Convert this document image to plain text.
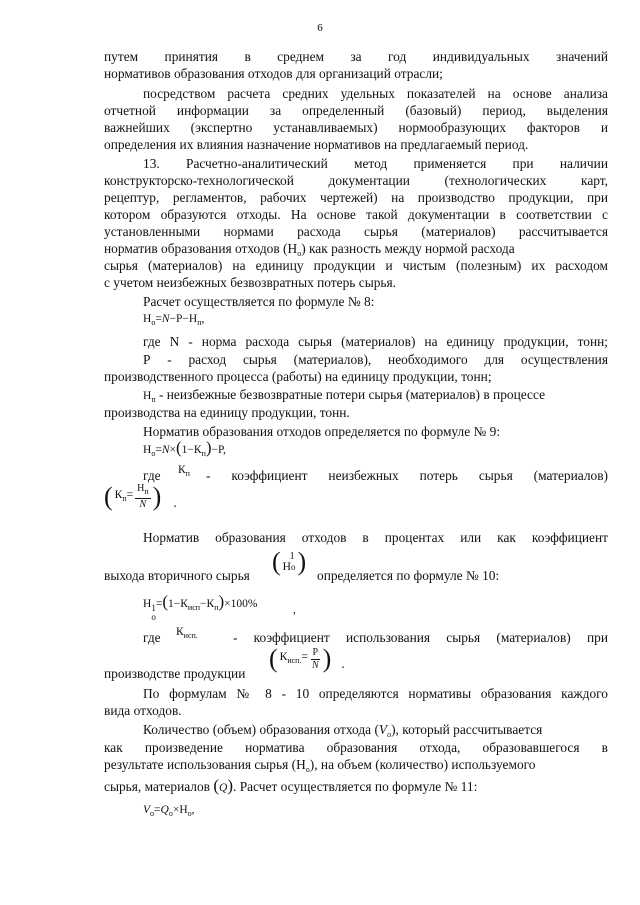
6
путем принятия в среднем за год индивидуальных значений
нормативов образования отходов для организаций отрасли;
посредством расчета средних удельных показателей на основе анализа
отчетной информации за определенный (базовый) период, выделения
важнейших (экспертно устанавливаемых) нормообразующих факторов и
определения их влияния назначение нормативов на предлагаемый период.
13. Расчетно-аналитический метод применяется при наличии
конструкторско-технологической документации (технологических карт,
рецептур, регламентов, рабочих чертежей) на производство продукции, при
котором образуются отходы. На основе такой документации в соответствии с
установленными нормами расхода сырья (материалов) рассчитывается
норматив образования отходов $(Н_о)$ как разность между нормой расхода
сырья (материалов) на единицу продукции и чистым (полезным) их расходом
с учетом неизбежных безвозвратных потерь сырья.
Расчет осуществляется по формуле № 8:
$Н_о=N-Р-Н_п$,
где N - норма расхода сырья (материалов) на единицу продукции, тонн;
Р - расход сырья (материалов), необходимого для осуществления
производственного процесса (работы) на единицу продукции, тонн;
$Н_п$ - неизбежные безвозвратные потери сырья (материалов) в процессе
производства на единицу продукции, тонн.
Норматив образования отходов определяется по формуле № 9:
$Н_о=N\times(1-К_п)-Р$,
где $К_п$ - коэффициент неизбежных потерь сырья (материалов)
( $К_п= \frac{Н_п}{N}$ ) .
Норматив образования отходов в процентах или как коэффициент
выхода вторичного сырья ( 1
Но ) определяется по формуле № 10:
Н 1
о
$=(1-К_{исп}-К_п)\times 100\%$	,
где $К_{исп.}$	- коэффициент использования сырья (материалов) при
производстве продукции
( $К_{исп.}= \frac{Р}{N}$ ) .
По формулам № 8 - 10 определяются нормативы образования каждого
вида отходов.
Количество (объем) образования отхода $(V_о)$, который рассчитывается
как произведение норматива образования отхода, образовавшегося в
результате использования сырья $(Н_о)$, на объем (количество) используемого
сырья, материалов (Q). Расчет осуществляется по формуле № 11:
$V_о=Q_о\times Н_о$,
